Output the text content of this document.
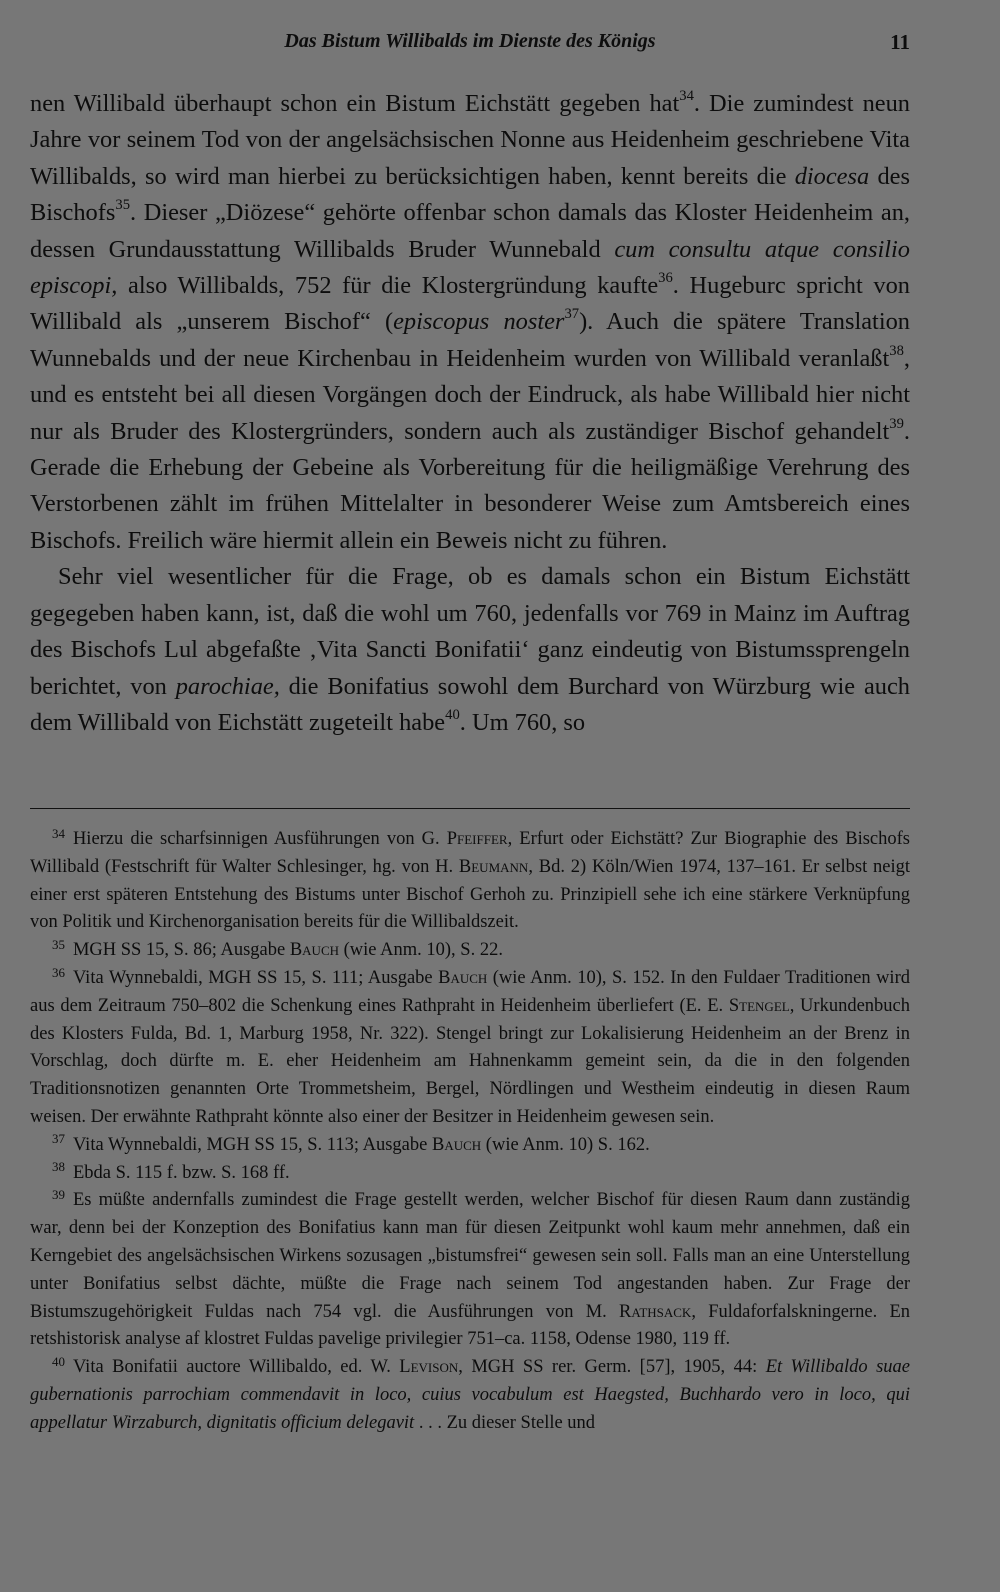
Das Bistum Willibalds im Dienste des Königs	11

nen Willibald überhaupt schon ein Bistum Eichstätt gegeben hat$^{34}$. Die zumindest neun Jahre vor seinem Tod von der angelsächsischen Nonne aus Heidenheim geschriebene Vita Willibalds, so wird man hierbei zu berücksichtigen haben, kennt bereits die diocesa des Bischofs$^{35}$. Dieser „Diözese“ gehörte offenbar schon damals das Kloster Heidenheim an, dessen Grundausstattung Willibalds Bruder Wunnebald cum consultu atque consilio episcopi, also Willibalds, 752 für die Klostergründung kaufte$^{36}$. Hugeburc spricht von Willibald als „unserem Bischof“ (episcopus noster$^{37}$). Auch die spätere Translation Wunnebalds und der neue Kirchenbau in Heidenheim wurden von Willibald veranlaßt$^{38}$, und es entsteht bei all diesen Vorgängen doch der Eindruck, als habe Willibald hier nicht nur als Bruder des Klostergründers, sondern auch als zuständiger Bischof gehandelt$^{39}$. Gerade die Erhebung der Gebeine als Vorbereitung für die heiligmäßige Verehrung des Verstorbenen zählt im frühen Mittelalter in besonderer Weise zum Amtsbereich eines Bischofs. Freilich wäre hiermit allein ein Beweis nicht zu führen.

Sehr viel wesentlicher für die Frage, ob es damals schon ein Bistum Eichstätt gegegeben haben kann, ist, daß die wohl um 760, jedenfalls vor 769 in Mainz im Auftrag des Bischofs Lul abgefaßte ‚Vita Sancti Bonifatii‘ ganz eindeutig von Bistumssprengeln berichtet, von parochiae, die Bonifatius sowohl dem Burchard von Würzburg wie auch dem Willibald von Eichstätt zugeteilt habe$^{40}$. Um 760, so

$^{34}$ Hierzu die scharfsinnigen Ausführungen von G. Pfeiffer, Erfurt oder Eichstätt? Zur Biographie des Bischofs Willibald (Festschrift für Walter Schlesinger, hg. von H. Beumann, Bd. 2) Köln/Wien 1974, 137–161. Er selbst neigt einer erst späteren Entstehung des Bistums unter Bischof Gerhoh zu. Prinzipiell sehe ich eine stärkere Verknüpfung von Politik und Kirchenorganisation bereits für die Willibaldszeit.

$^{35}$ MGH SS 15, S. 86; Ausgabe Bauch (wie Anm. 10), S. 22.

$^{36}$ Vita Wynnebaldi, MGH SS 15, S. 111; Ausgabe Bauch (wie Anm. 10), S. 152. In den Fuldaer Traditionen wird aus dem Zeitraum 750–802 die Schenkung eines Rathpraht in Heidenheim überliefert (E. E. Stengel, Urkundenbuch des Klosters Fulda, Bd. 1, Marburg 1958, Nr. 322). Stengel bringt zur Lokalisierung Heidenheim an der Brenz in Vorschlag, doch dürfte m. E. eher Heidenheim am Hahnenkamm gemeint sein, da die in den folgenden Traditionsnotizen genannten Orte Trommetsheim, Bergel, Nördlingen und Westheim eindeutig in diesen Raum weisen. Der erwähnte Rathpraht könnte also einer der Besitzer in Heidenheim gewesen sein.

$^{37}$ Vita Wynnebaldi, MGH SS 15, S. 113; Ausgabe Bauch (wie Anm. 10) S. 162.

$^{38}$ Ebda S. 115 f. bzw. S. 168 ff.

$^{39}$ Es müßte andernfalls zumindest die Frage gestellt werden, welcher Bischof für diesen Raum dann zuständig war, denn bei der Konzeption des Bonifatius kann man für diesen Zeitpunkt wohl kaum mehr annehmen, daß ein Kerngebiet des angelsächsischen Wirkens sozusagen „bistumsfrei“ gewesen sein soll. Falls man an eine Unterstellung unter Bonifatius selbst dächte, müßte die Frage nach seinem Tod angestanden haben. Zur Frage der Bistumszugehörigkeit Fuldas nach 754 vgl. die Ausführungen von M. Rathsack, Fuldaforfalskningerne. En retshistorisk analyse af klostret Fuldas pavelige privilegier 751–ca. 1158, Odense 1980, 119 ff.

$^{40}$ Vita Bonifatii auctore Willibaldo, ed. W. Levison, MGH SS rer. Germ. [57], 1905, 44: Et Willibaldo suae gubernationis parrochiam commendavit in loco, cuius vocabulum est Haegsted, Buchhardo vero in loco, qui appellatur Wirzaburch, dignitatis officium delegavit . . . Zu dieser Stelle und
